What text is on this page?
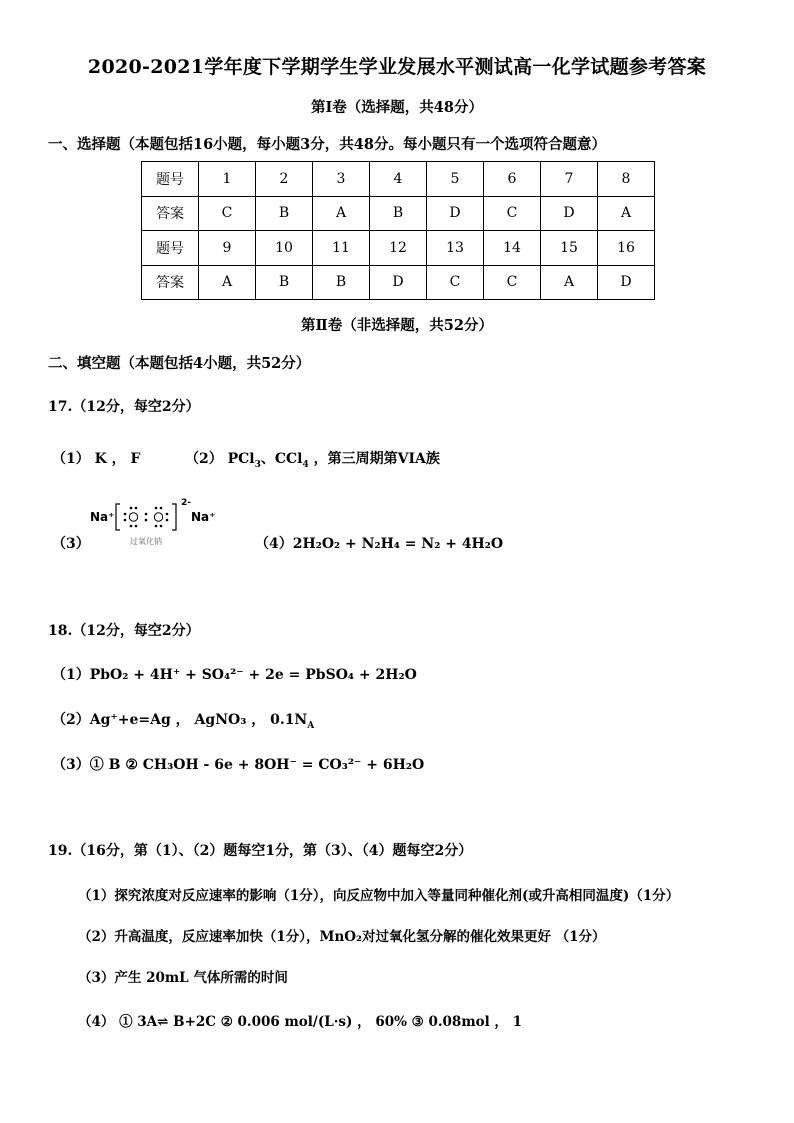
2020-2021学年度下学期学生学业发展水平测试高一化学试题参考答案
第Ⅰ卷（选择题，共48分）
一、选择题（本题包括16小题，每小题3分，共48分。每小题只有一个选项符合题意）
题号	1	2	3	4	5	6	7	8
答案	C	B	A	B	D	C	D	A
题号	9	10	11	12	13	14	15	16
答案	A	B	B	D	C	C	A	D
第Ⅱ卷（非选择题，共52分）
二、填空题（本题包括4小题，共52分）
17.（12分，每空2分）
（1） K ， F	（2） PCl$_3$、CCl$_4$ ，第三周期第VIA族
（3）
Na⁺
2-
Na⁺
过氧化钠	（4）2H₂O₂ + N₂H₄ = N₂ + 4H₂O
18.（12分，每空2分）
（1）PbO₂ + 4H⁺ + SO₄²⁻ + 2e = PbSO₄ + 2H₂O
（2）Ag⁺+e=Ag ， AgNO₃ ， $0.1N_A$
（3）① B ② CH₃OH - 6e + 8OH⁻ = CO₃²⁻ + 6H₂O
19.（16分，第（1）、（2）题每空1分，第（3）、（4）题每空2分）
（1）探究浓度对反应速率的影响（1分），向反应物中加入等量同种催化剂(或升高相同温度)（1分）
（2）升高温度，反应速率加快（1分），MnO₂对过氧化氢分解的催化效果更好 （1分）
（3）产生 20mL 气体所需的时间
（4） ① 3A⇌ B+2C ② 0.006 mol/(L·s) ， 60% ③ 0.08mol ， 1
